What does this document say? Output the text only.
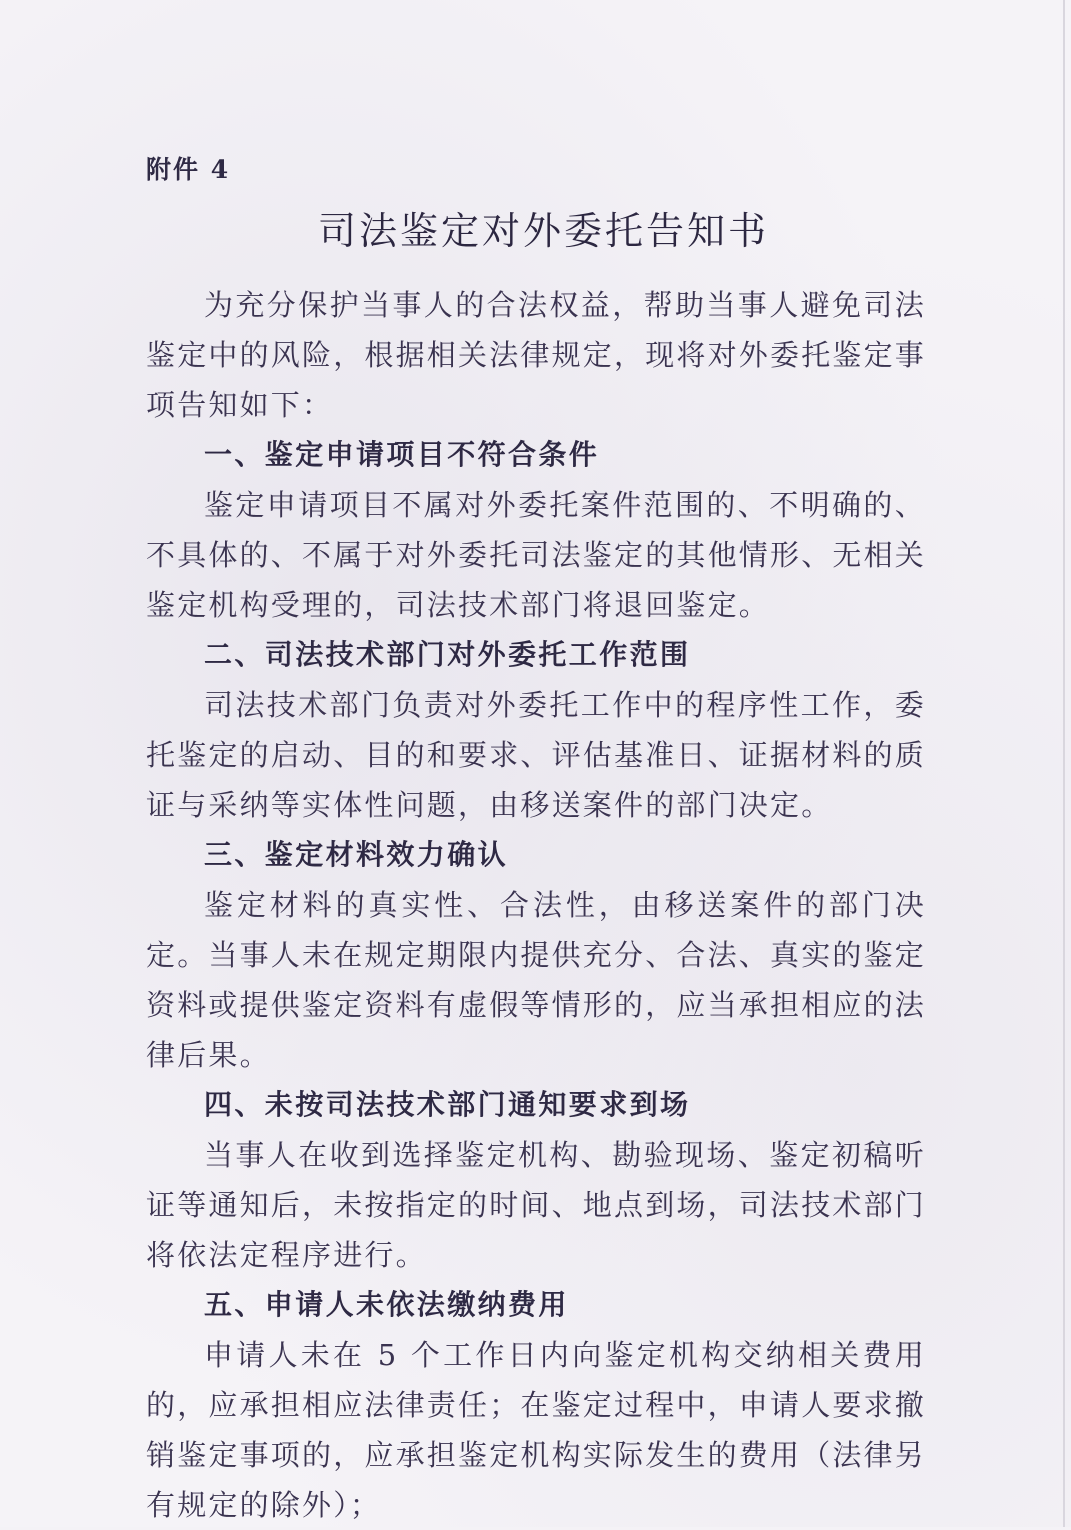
附件 4
司法鉴定对外委托告知书

为充分保护当事人的合法权益，帮助当事人避免司法鉴定中的风险，根据相关法律规定，现将对外委托鉴定事项告知如下：

一、鉴定申请项目不符合条件

鉴定申请项目不属对外委托案件范围的、不明确的、不具体的、不属于对外委托司法鉴定的其他情形、无相关鉴定机构受理的，司法技术部门将退回鉴定。

二、司法技术部门对外委托工作范围

司法技术部门负责对外委托工作中的程序性工作，委托鉴定的启动、目的和要求、评估基准日、证据材料的质证与采纳等实体性问题，由移送案件的部门决定。

三、鉴定材料效力确认

鉴定材料的真实性、合法性，由移送案件的部门决定。当事人未在规定期限内提供充分、合法、真实的鉴定资料或提供鉴定资料有虚假等情形的，应当承担相应的法律后果。

四、未按司法技术部门通知要求到场

当事人在收到选择鉴定机构、勘验现场、鉴定初稿听证等通知后，未按指定的时间、地点到场，司法技术部门将依法定程序进行。

五、申请人未依法缴纳费用

申请人未在 5 个工作日内向鉴定机构交纳相关费用的，应承担相应法律责任；在鉴定过程中，申请人要求撤销鉴定事项的，应承担鉴定机构实际发生的费用（法律另有规定的除外）；
